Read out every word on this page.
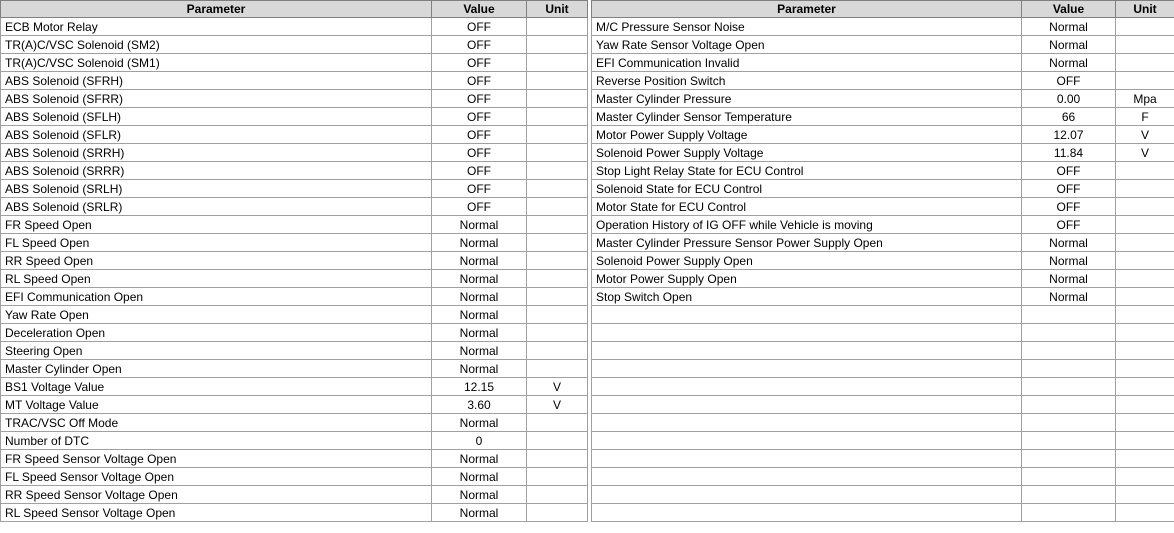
Parameter	Value	Unit
ECB Motor Relay	OFF	
TR(A)C/VSC Solenoid (SM2)	OFF	
TR(A)C/VSC Solenoid (SM1)	OFF	
ABS Solenoid (SFRH)	OFF	
ABS Solenoid (SFRR)	OFF	
ABS Solenoid (SFLH)	OFF	
ABS Solenoid (SFLR)	OFF	
ABS Solenoid (SRRH)	OFF	
ABS Solenoid (SRRR)	OFF	
ABS Solenoid (SRLH)	OFF	
ABS Solenoid (SRLR)	OFF	
FR Speed Open	Normal	
FL Speed Open	Normal	
RR Speed Open	Normal	
RL Speed Open	Normal	
EFI Communication Open	Normal	
Yaw Rate Open	Normal	
Deceleration Open	Normal	
Steering Open	Normal	
Master Cylinder Open	Normal	
BS1 Voltage Value	12.15	V
MT Voltage Value	3.60	V
TRAC/VSC Off Mode	Normal	
Number of DTC	0	
FR Speed Sensor Voltage Open	Normal	
FL Speed Sensor Voltage Open	Normal	
RR Speed Sensor Voltage Open	Normal	
RL Speed Sensor Voltage Open	Normal	
Parameter	Value	Unit
M/C Pressure Sensor Noise	Normal	
Yaw Rate Sensor Voltage Open	Normal	
EFI Communication Invalid	Normal	
Reverse Position Switch	OFF	
Master Cylinder Pressure	0.00	Mpa
Master Cylinder Sensor Temperature	66	F
Motor Power Supply Voltage	12.07	V
Solenoid Power Supply Voltage	11.84	V
Stop Light Relay State for ECU Control	OFF	
Solenoid State for ECU Control	OFF	
Motor State for ECU Control	OFF	
Operation History of IG OFF while Vehicle is moving	OFF	
Master Cylinder Pressure Sensor Power Supply Open	Normal	
Solenoid Power Supply Open	Normal	
Motor Power Supply Open	Normal	
Stop Switch Open	Normal	
